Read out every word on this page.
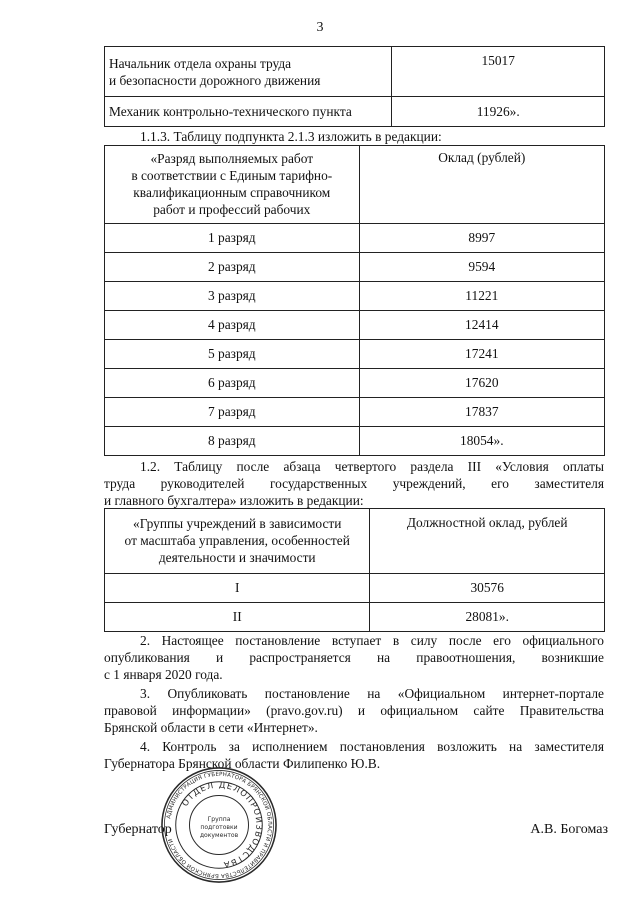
3
Начальник отдела охраны труда
и безопасности дорожного движения	15017
Механик контрольно-технического пункта	11926».
1.1.3. Таблицу подпункта 2.1.3 изложить в редакции:
«Разряд выполняемых работ
в соответствии с Единым тарифно-
квалификационным справочником
работ и профессий рабочих	Оклад (рублей)
1 разряд	8997
2 разряд	9594
3 разряд	11221
4 разряд	12414
5 разряд	17241
6 разряд	17620
7 разряд	17837
8 разряд	18054».
1.2. Таблицу после абзаца четвертого раздела III «Условия оплаты
труда руководителей государственных учреждений, его заместителя
и главного бухгалтера» изложить в редакции:
«Группы учреждений в зависимости
от масштаба управления, особенностей
деятельности и значимости	Должностной оклад, рублей
I	30576
II	28081».
2. Настоящее постановление вступает в силу после его официального
опубликования и распространяется на правоотношения, возникшие
с 1 января 2020 года.
3. Опубликовать постановление на «Официальном интернет-портале
правовой информации» (pravo.gov.ru) и официальном сайте Правительства
Брянской области в сети «Интернет».
4. Контроль за исполнением постановления возложить на заместителя
Губернатора Брянской области Филипенко Ю.В.
Губернатор	А.В. Богомаз
АДМИНИСТРАЦИЯ ГУБЕРНАТОРА БРЯНСКОЙ ОБЛАСТИ И ПРАВИТЕЛЬСТВА БРЯНСКОЙ ОБЛАСТИ
ОТДЕЛ ДЕЛОПРОИЗВОДСТВА
Группа
подготовки
документов
